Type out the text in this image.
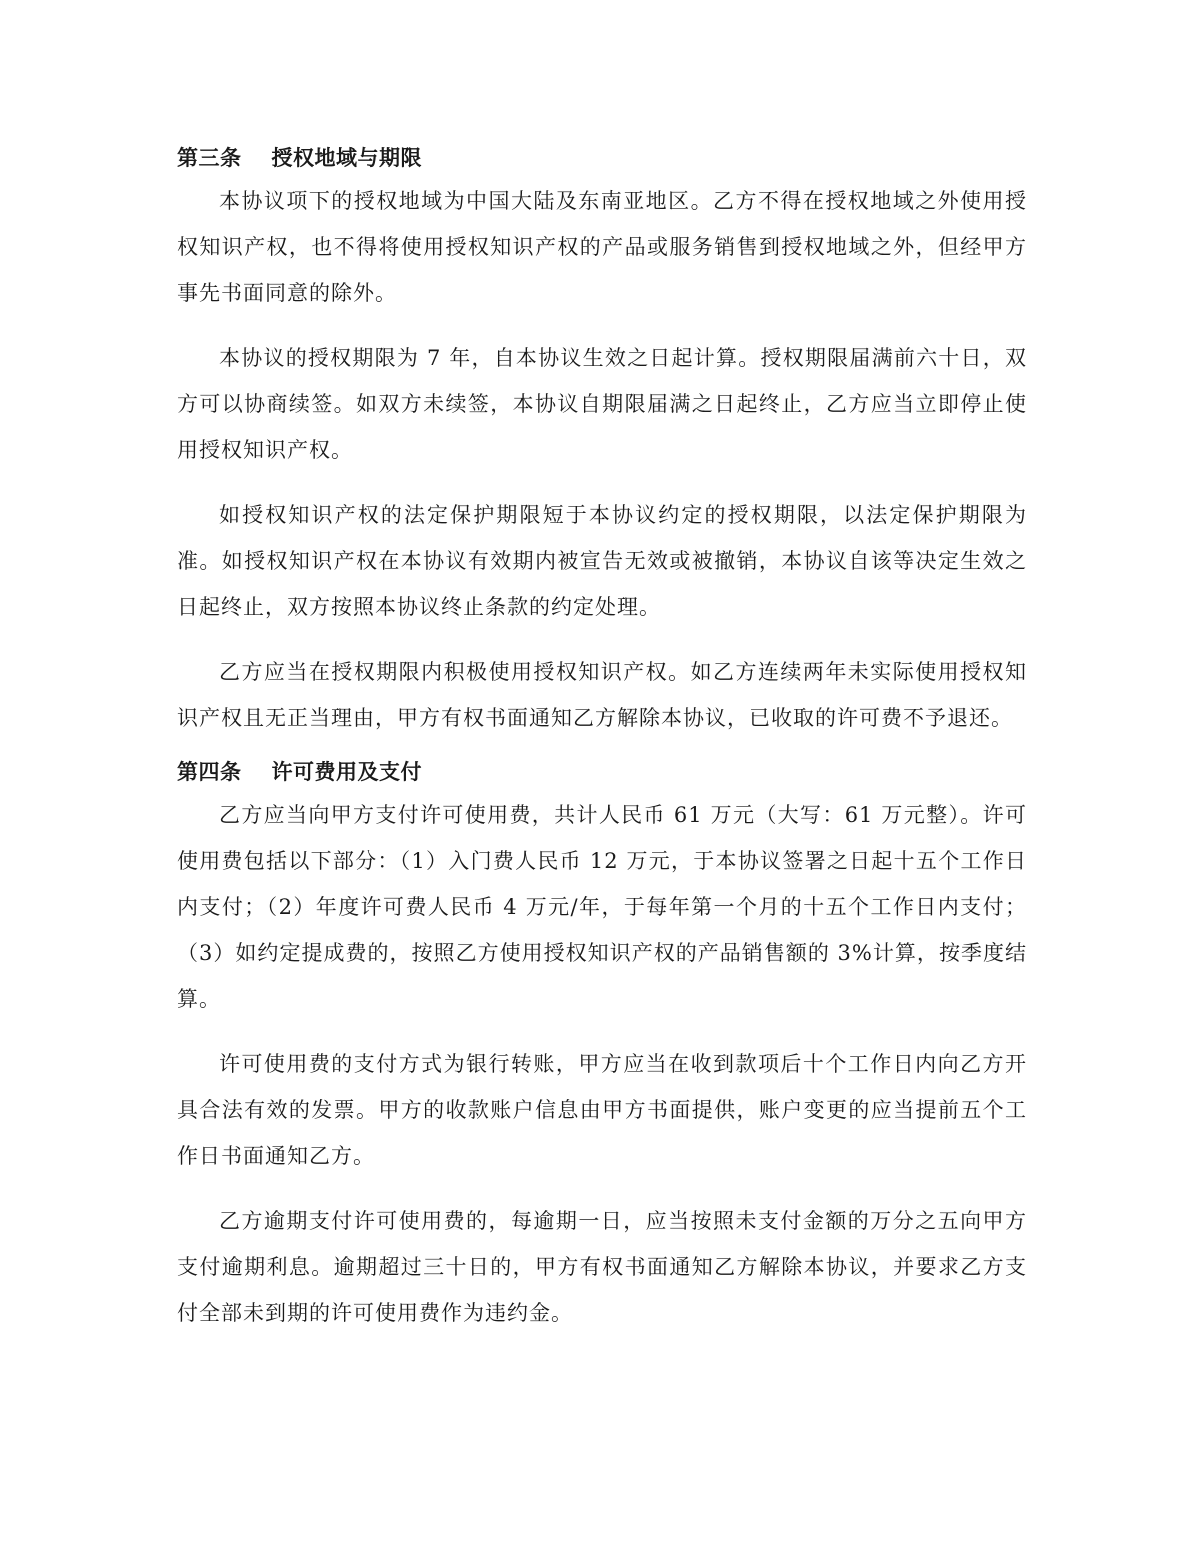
第三条 授权地域与期限

本协议项下的授权地域为中国大陆及东南亚地区。乙方不得在授权地域之外使用授权知识产权，也不得将使用授权知识产权的产品或服务销售到授权地域之外，但经甲方事先书面同意的除外。

本协议的授权期限为 7 年，自本协议生效之日起计算。授权期限届满前六十日，双方可以协商续签。如双方未续签，本协议自期限届满之日起终止，乙方应当立即停止使用授权知识产权。

如授权知识产权的法定保护期限短于本协议约定的授权期限，以法定保护期限为准。如授权知识产权在本协议有效期内被宣告无效或被撤销，本协议自该等决定生效之日起终止，双方按照本协议终止条款的约定处理。

乙方应当在授权期限内积极使用授权知识产权。如乙方连续两年未实际使用授权知识产权且无正当理由，甲方有权书面通知乙方解除本协议，已收取的许可费不予退还。

第四条 许可费用及支付

乙方应当向甲方支付许可使用费，共计人民币 61 万元（大写：61 万元整）。许可使用费包括以下部分：（1）入门费人民币 12 万元，于本协议签署之日起十五个工作日内支付；（2）年度许可费人民币 4 万元/年，于每年第一个月的十五个工作日内支付；（3）如约定提成费的，按照乙方使用授权知识产权的产品销售额的 3%计算，按季度结算。

许可使用费的支付方式为银行转账，甲方应当在收到款项后十个工作日内向乙方开具合法有效的发票。甲方的收款账户信息由甲方书面提供，账户变更的应当提前五个工作日书面通知乙方。

乙方逾期支付许可使用费的，每逾期一日，应当按照未支付金额的万分之五向甲方支付逾期利息。逾期超过三十日的，甲方有权书面通知乙方解除本协议，并要求乙方支付全部未到期的许可使用费作为违约金。
